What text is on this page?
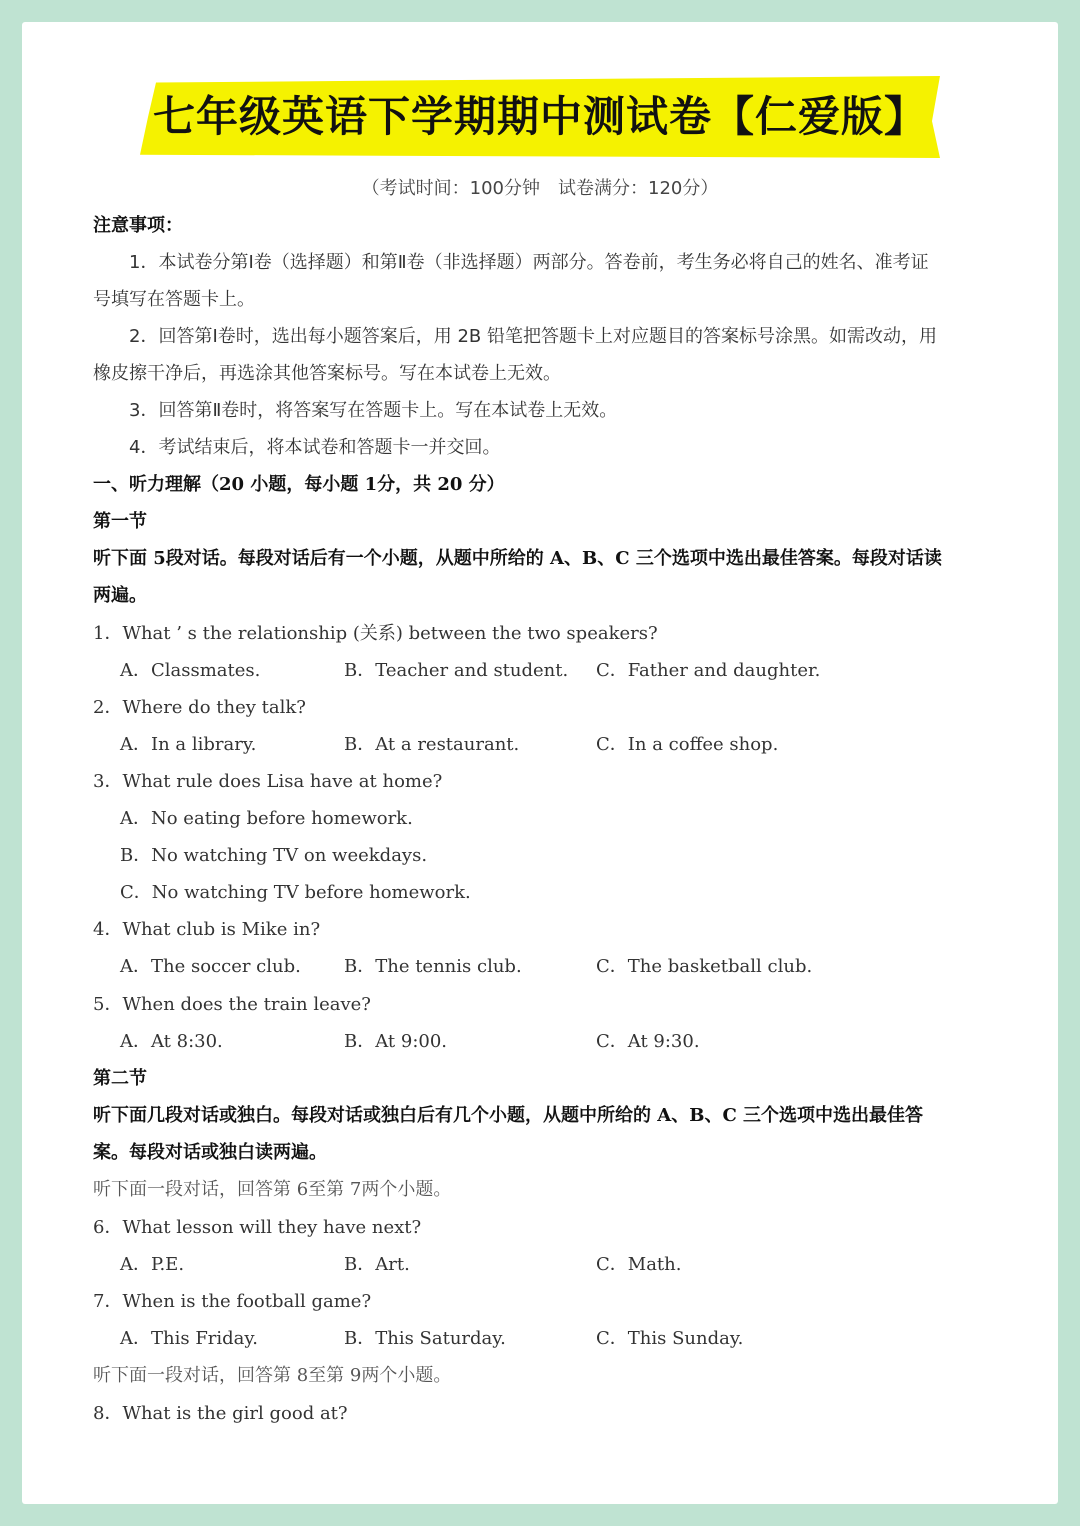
七年级英语下学期期中测试卷【仁爱版】
（考试时间：100分钟　试卷满分：120分）
注意事项：
1．本试卷分第Ⅰ卷（选择题）和第Ⅱ卷（非选择题）两部分。答卷前，考生务必将自己的姓名、准考证
号填写在答题卡上。
2．回答第Ⅰ卷时，选出每小题答案后，用 2B 铅笔把答题卡上对应题目的答案标号涂黑。如需改动，用
橡皮擦干净后，再选涂其他答案标号。写在本试卷上无效。
3．回答第Ⅱ卷时，将答案写在答题卡上。写在本试卷上无效。
4．考试结束后，将本试卷和答题卡一并交回。
一、听力理解（20 小题，每小题 1分，共 20 分）
第一节
听下面 5段对话。每段对话后有一个小题，从题中所给的 A、B、C 三个选项中选出最佳答案。每段对话读
两遍。
1．What ’ s the relationship (关系) between the two speakers?
A．Classmates.	B．Teacher and student. C．Father and daughter.
2．Where do they talk?
A．In a library.	B．At a restaurant.	C．In a coffee shop.
3．What rule does Lisa have at home?
A．No eating before homework.
B．No watching TV on weekdays.
C．No watching TV before homework.
4．What club is Mike in?
A．The soccer club. B．The tennis club.	C．The basketball club.
5．When does the train leave?
A．At 8:30.	B．At 9:00.	C．At 9:30.
第二节
听下面几段对话或独白。每段对话或独白后有几个小题，从题中所给的 A、B、C 三个选项中选出最佳答
案。每段对话或独白读两遍。
听下面一段对话，回答第 6至第 7两个小题。
6．What lesson will they have next?
A．P.E.	B．Art.	C．Math.
7．When is the football game?
A．This Friday.	B．This Saturday.	C．This Sunday.
听下面一段对话，回答第 8至第 9两个小题。
8．What is the girl good at?
